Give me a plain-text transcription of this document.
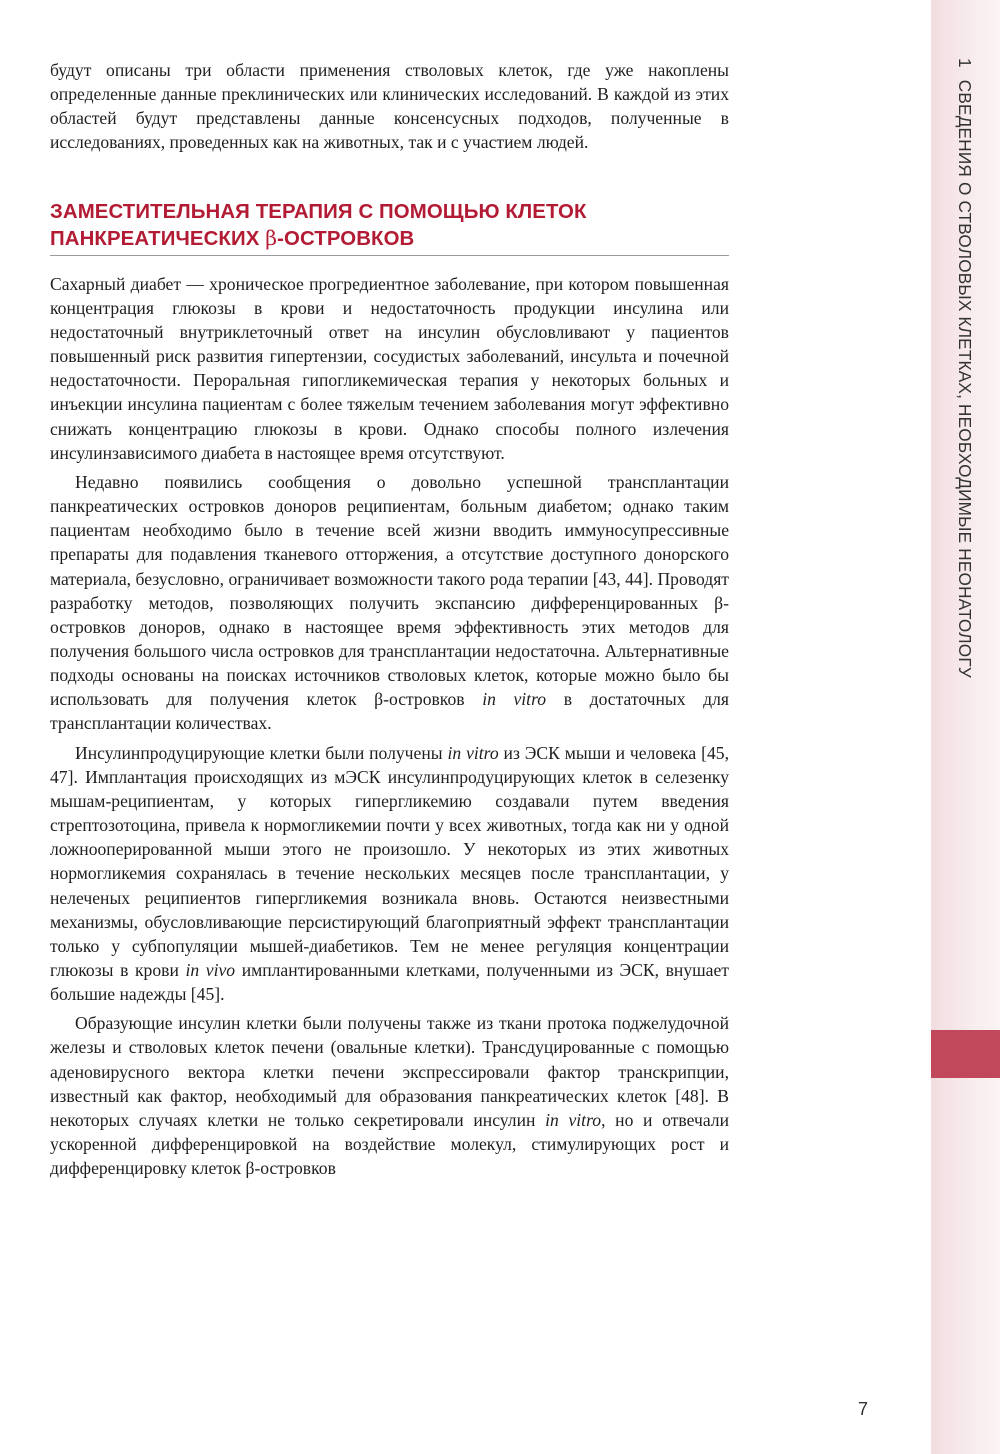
1СВЕДЕНИЯ О СТВОЛОВЫХ КЛЕТКАХ, НЕОБХОДИМЫЕ НЕОНАТОЛОГУ

будут описаны три области применения стволовых клеток, где уже накоплены определенные данные преклинических или клинических исследований. В каждой из этих областей будут представлены данные консенсусных подходов, полученные в исследованиях, проведенных как на животных, так и с участием людей.

ЗАМЕСТИТЕЛЬНАЯ ТЕРАПИЯ С ПОМОЩЬЮ КЛЕТОК
ПАНКРЕАТИЧЕСКИХ β-ОСТРОВКОВ

Сахарный диабет — хроническое прогредиентное заболевание, при котором повышенная концентрация глюкозы в крови и недостаточность продукции инсулина или недостаточный внутриклеточный ответ на инсулин обусловливают у пациентов повышенный риск развития гипертензии, сосудистых заболеваний, инсульта и почечной недостаточности. Пероральная гипогликемическая терапия у некоторых больных и инъекции инсулина пациентам с более тяжелым течением заболевания могут эффективно снижать концентрацию глюкозы в крови. Однако способы полного излечения инсулинзависимого диабета в настоящее время отсутствуют.

Недавно появились сообщения о довольно успешной трансплантации панкреатических островков доноров реципиентам, больным диабетом; однако таким пациентам необходимо было в течение всей жизни вводить иммуносупрессивные препараты для подавления тканевого отторжения, а отсутствие доступного донорского материала, безусловно, ограничивает возможности такого рода терапии [43, 44]. Проводят разработку методов, позволяющих получить экспансию дифференцированных β-островков доноров, однако в настоящее время эффективность этих методов для получения большого числа островков для трансплантации недостаточна. Альтернативные подходы основаны на поисках источников стволовых клеток, которые можно было бы использовать для получения клеток β-островков in vitro в достаточных для трансплантации количествах.

Инсулинпродуцирующие клетки были получены in vitro из ЭСК мыши и человека [45, 47]. Имплантация происходящих из мЭСК инсулинпродуцирующих клеток в селезенку мышам-реципиентам, у которых гипергликемию создавали путем введения стрептозотоцина, привела к нормогликемии почти у всех животных, тогда как ни у одной ложнооперированной мыши этого не произошло. У некоторых из этих животных нормогликемия сохранялась в течение нескольких месяцев после трансплантации, у нелеченых реципиентов гипергликемия возникала вновь. Остаются неизвестными механизмы, обусловливающие персистирующий благоприятный эффект трансплантации только у субпопуляции мышей-диабетиков. Тем не менее регуляция концентрации глюкозы в крови in vivo имплантированными клетками, полученными из ЭСК, внушает большие надежды [45].

Образующие инсулин клетки были получены также из ткани протока поджелудочной железы и стволовых клеток печени (овальные клетки). Трансдуцированные с помощью аденовирусного вектора клетки печени экспрессировали фактор транскрипции, известный как фактор, необходимый для образования панкреатических клеток [48]. В некоторых случаях клетки не только секретировали инсулин in vitro, но и отвечали ускоренной дифференцировкой на воздействие молекул, стимулирующих рост и дифференцировку клеток β-островков

7
